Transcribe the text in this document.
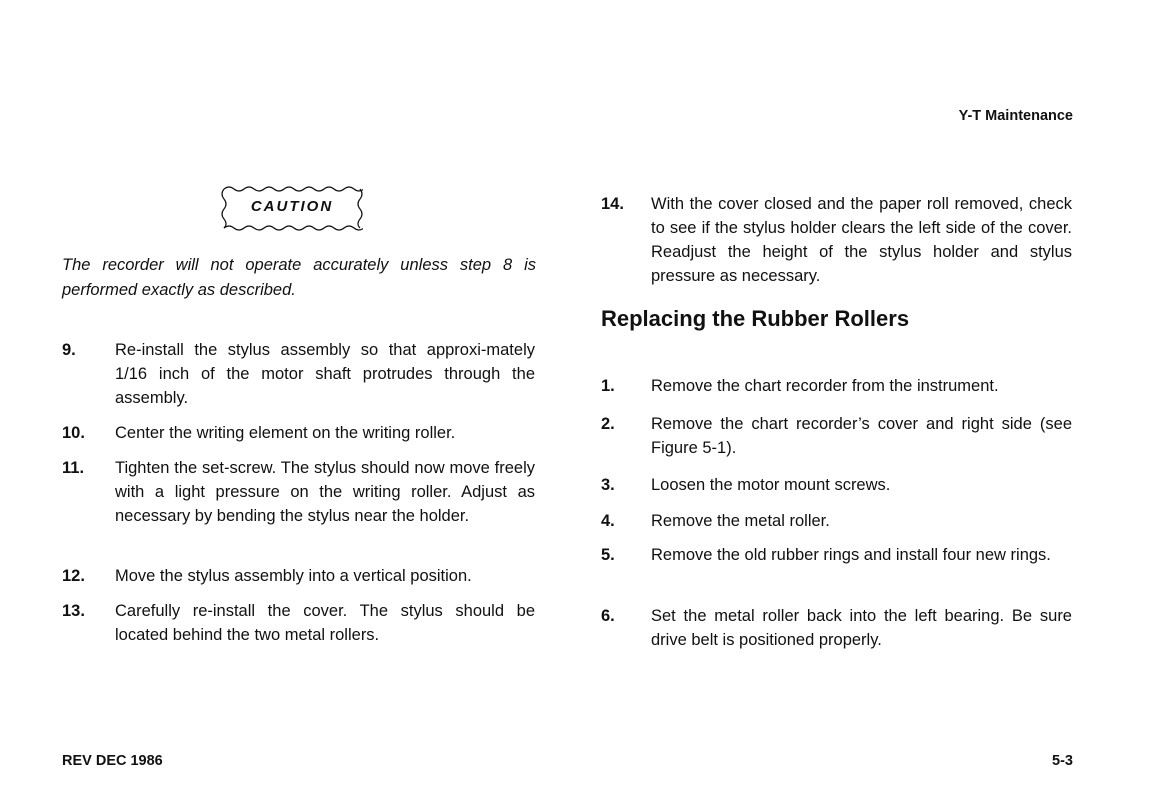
Y-T Maintenance
CAUTION
The recorder will not operate accurately unless step 8 is performed exactly as described.
9. Re-install the stylus assembly so that approxi-mately 1/16 inch of the motor shaft protrudes through the assembly.
10. Center the writing element on the writing roller.
11. Tighten the set-screw. The stylus should now move freely with a light pressure on the writing roller. Adjust as necessary by bending the stylus near the holder.
12. Move the stylus assembly into a vertical position.
13. Carefully re-install the cover. The stylus should be located behind the two metal rollers.
14. With the cover closed and the paper roll removed, check to see if the stylus holder clears the left side of the cover. Readjust the height of the stylus holder and stylus pressure as necessary.
Replacing the Rubber Rollers
1. Remove the chart recorder from the instrument.
2. Remove the chart recorder’s cover and right side (see Figure 5-1).
3. Loosen the motor mount screws.
4. Remove the metal roller.
5. Remove the old rubber rings and install four new rings.
6. Set the metal roller back into the left bearing. Be sure drive belt is positioned properly.
REV DEC 1986	5-3
